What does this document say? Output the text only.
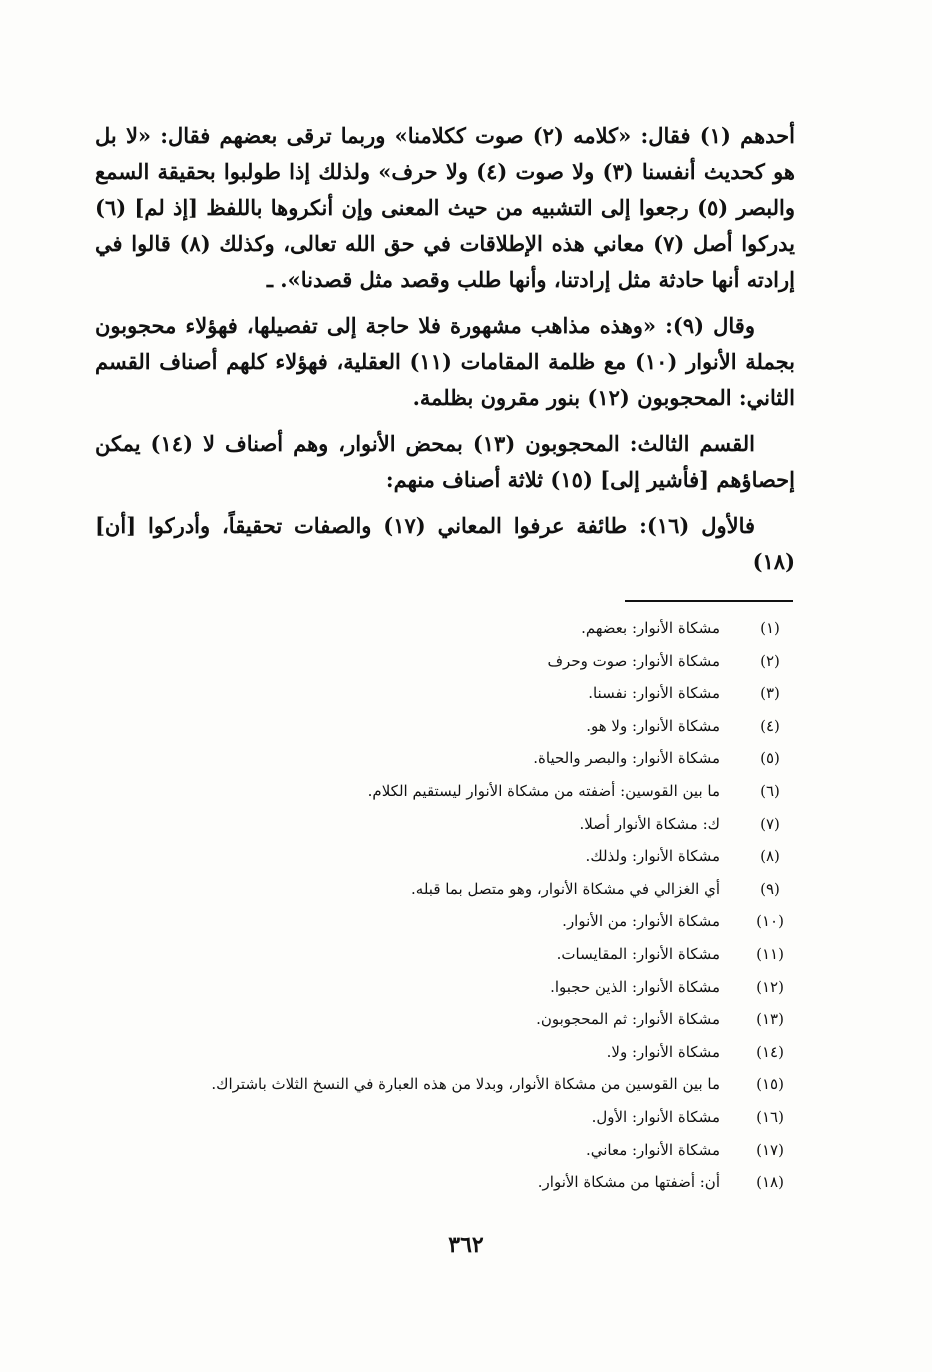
أحدهم (١) فقال: «كلامه (٢) صوت ككلامنا» وربما ترقى بعضهم فقال: «لا بل هو كحديث أنفسنا (٣) ولا صوت (٤) ولا حرف» ولذلك إذا طولبوا بحقيقة السمع والبصر (٥) رجعوا إلى التشبيه من حيث المعنى وإن أنكروها باللفظ [إذ لم] (٦) يدركوا أصل (٧) معاني هذه الإطلاقات في حق الله تعالى، وكذلك (٨) قالوا في إرادته أنها حادثة مثل إرادتنا، وأنها طلب وقصد مثل قصدنا». ـ

وقال (٩): «وهذه مذاهب مشهورة فلا حاجة إلى تفصيلها، فهؤلاء محجوبون بجملة الأنوار (١٠) مع ظلمة المقامات (١١) العقلية، فهؤلاء كلهم أصناف القسم الثاني: المحجوبون (١٢) بنور مقرون بظلمة.

القسم الثالث: المحجوبون (١٣) بمحض الأنوار، وهم أصناف لا (١٤) يمكن إحصاؤهم [فأشير إلى] (١٥) ثلاثة أصناف منهم:

فالأول (١٦): طائفة عرفوا المعاني (١٧) والصفات تحقيقاً، وأدركوا [أن] (١٨)

(١)
مشكاة الأنوار: بعضهم.
(٢)
مشكاة الأنوار: صوت وحرف
(٣)
مشكاة الأنوار: نفسنا.
(٤)
مشكاة الأنوار: ولا هو.
(٥)
مشكاة الأنوار: والبصر والحياة.
(٦)
ما بين القوسين: أضفته من مشكاة الأنوار ليستقيم الكلام.
(٧)
ك: مشكاة الأنوار أصلا.
(٨)
مشكاة الأنوار: ولذلك.
(٩)
أي الغزالي في مشكاة الأنوار، وهو متصل بما قبله.
(١٠)
مشكاة الأنوار: من الأنوار.
(١١)
مشكاة الأنوار: المقايسات.
(١٢)
مشكاة الأنوار: الذين حجبوا.
(١٣)
مشكاة الأنوار: ثم المحجوبون.
(١٤)
مشكاة الأنوار: ولا.
(١٥)
ما بين القوسين من مشكاة الأنوار، وبدلا من هذه العبارة في النسخ الثلاث باشتراك.
(١٦)
مشكاة الأنوار: الأول.
(١٧)
مشكاة الأنوار: معاني.
(١٨)
أن: أضفتها من مشكاة الأنوار.
٣٦٢
